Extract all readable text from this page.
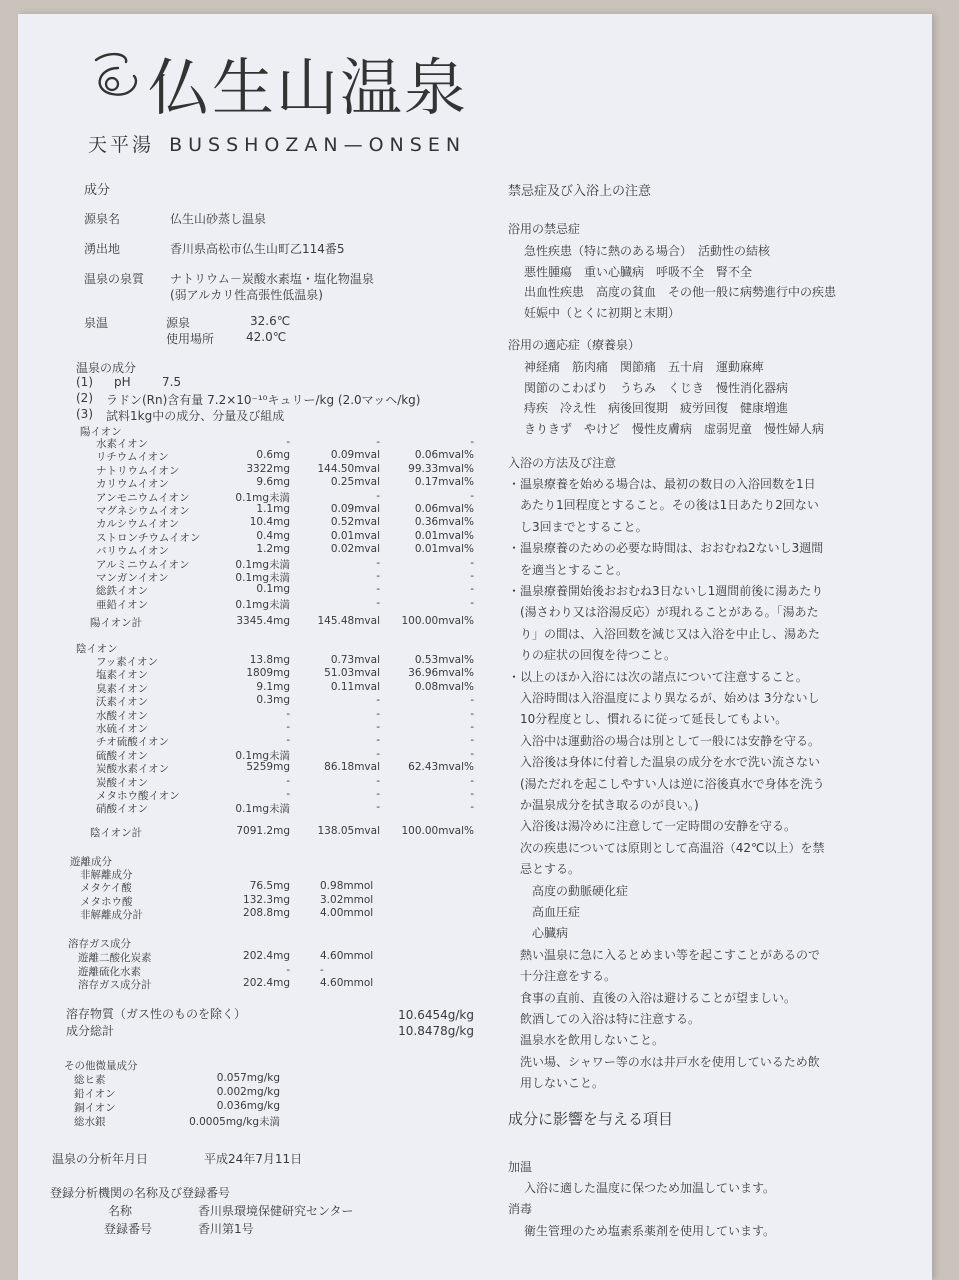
仏生山温泉
天平湯 BUSSHOZAN—ONSEN
成分
源泉名	仏生山砂蒸し温泉
湧出地	香川県高松市仏生山町乙114番5
温泉の泉質 ナトリウム－炭酸水素塩・塩化物温泉
(弱アルカリ性高張性低温泉)
泉温	源泉	32.6℃
使用場所	42.0℃
温泉の成分
(1) pH	7.5
(2) ラドン(Rn)含有量 7.2×10⁻¹⁰キュリー/kg (2.0マッヘ/kg)
(3) 試料1kg中の成分、分量及び組成
陽イオン
水素イオン	-	-	-
リチウムイオン	0.6mg	0.09mval	0.06mval%
ナトリウムイオン	3322mg	144.50mval	99.33mval%
カリウムイオン	9.6mg	0.25mval	0.17mval%
アンモニウムイオン	0.1mg未満	-	-
マグネシウムイオン	1.1mg	0.09mval	0.06mval%
カルシウムイオン	10.4mg	0.52mval	0.36mval%
ストロンチウムイオン	0.4mg	0.01mval	0.01mval%
バリウムイオン	1.2mg	0.02mval	0.01mval%
アルミニウムイオン	0.1mg未満	-	-
マンガンイオン	0.1mg未満	-	-
総鉄イオン	0.1mg	-	-
亜鉛イオン	0.1mg未満	-	-
陽イオン計	3345.4mg	145.48mval	100.00mval%
陰イオン
フッ素イオン	13.8mg	0.73mval	0.53mval%
塩素イオン	1809mg	51.03mval	36.96mval%
臭素イオン	9.1mg	0.11mval	0.08mval%
沃素イオン	0.3mg	-	-
水酸イオン	-	-	-
水硫イオン	-	-	-
チオ硫酸イオン	-	-	-
硫酸イオン	0.1mg未満	-	-
炭酸水素イオン	5259mg	86.18mval	62.43mval%
炭酸イオン	-	-	-
メタホウ酸イオン	-	-	-
硝酸イオン	0.1mg未満	-	-
陰イオン計	7091.2mg	138.05mval	100.00mval%
遊離成分
非解離成分
メタケイ酸	76.5mg	0.98mmol
メタホウ酸	132.3mg	3.02mmol
非解離成分計	208.8mg	4.00mmol
溶存ガス成分
遊離二酸化炭素	202.4mg	4.60mmol
遊離硫化水素	-	-
溶存ガス成分計	202.4mg	4.60mmol
溶存物質（ガス性のものを除く）	10.6454g/kg
成分総計	10.8478g/kg
その他微量成分
総ヒ素	0.057mg/kg
鉛イオン	0.002mg/kg
銅イオン	0.036mg/kg
総水銀	0.0005mg/kg未満
温泉の分析年月日	平成24年7月11日
登録分析機関の名称及び登録番号
名称	香川県環境保健研究センター
登録番号	香川第1号
禁忌症及び入浴上の注意
浴用の禁忌症
急性疾患（特に熱のある場合）　活動性の結核
悪性腫瘍　重い心臓病　呼吸不全　腎不全
出血性疾患　高度の貧血　その他一般に病勢進行中の疾患
妊娠中（とくに初期と末期）
浴用の適応症（療養泉）
神経痛　筋肉痛　関節痛　五十肩　運動麻痺
関節のこわばり　うちみ　くじき　慢性消化器病
痔疾　冷え性　病後回復期　疲労回復　健康増進
きりきず　やけど　慢性皮膚病　虚弱児童　慢性婦人病
入浴の方法及び注意
・温泉療養を始める場合は、最初の数日の入浴回数を1日
　あたり1回程度とすること。その後は1日あたり2回ない
　し3回までとすること。
・温泉療養のための必要な時間は、おおむね2ないし3週間
　を適当とすること。
・温泉療養開始後おおむね3日ないし1週間前後に湯あたり
　(湯さわり又は浴湯反応）が現れることがある。「湯あた
　り」の間は、入浴回数を減じ又は入浴を中止し、湯あた
　りの症状の回復を待つこと。
・以上のほか入浴には次の諸点について注意すること。
　入浴時間は入浴温度により異なるが、始めは 3分ないし
　10分程度とし、慣れるに従って延長してもよい。
　入浴中は運動浴の場合は別として一般には安静を守る。
　入浴後は身体に付着した温泉の成分を水で洗い流さない
　(湯ただれを起こしやすい人は逆に浴後真水で身体を洗う
　か温泉成分を拭き取るのが良い。)
　入浴後は湯冷めに注意して一定時間の安静を守る。
　次の疾患については原則として高温浴（42℃以上）を禁
　忌とする。
　　高度の動脈硬化症
　　高血圧症
　　心臓病
　熱い温泉に急に入るとめまい等を起こすことがあるので
　十分注意をする。
　食事の直前、直後の入浴は避けることが望ましい。
　飲酒しての入浴は特に注意する。
　温泉水を飲用しないこと。
　洗い場、シャワー等の水は井戸水を使用しているため飲
　用しないこと。
成分に影響を与える項目
加温
入浴に適した温度に保つため加温しています。
消毒
衛生管理のため塩素系薬剤を使用しています。
